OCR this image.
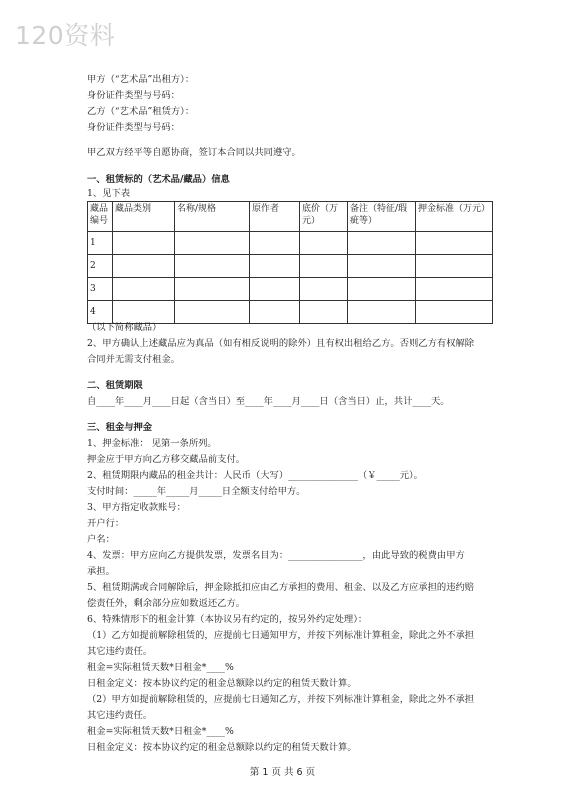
120资料
甲方（“艺术品”出租方）：
身份证件类型与号码：
乙方（“艺术品”租赁方）：
身份证件类型与号码：
甲乙双方经平等自愿协商，签订本合同以共同遵守。
一、租赁标的（艺术品/藏品）信息
1、见下表
藏品编号	藏品类别	名称/规格	原作者	底价（万元）	备注（特征/瑕疵等）	押金标准（万元）
1						
2						
3						
4						
（以下简称藏品）
2、甲方确认上述藏品应为真品（如有相反说明的除外）且有权出租给乙方。否则乙方有权解除
合同并无需支付租金。
二、租赁期限
自____年____月____日起（含当日）至____年____月____日（含当日）止，共计____天。
三、租金与押金
1、押金标准： 见第一条所列。
押金应于甲方向乙方移交藏品前支付。
2、租赁期限内藏品的租金共计：人民币（大写）_______________（￥_____元）。
支付时间：_____年_____月_____日全额支付给甲方。
3、甲方指定收款账号：
开户行：
户名：
4、发票：甲方应向乙方提供发票，发票名目为：________________，由此导致的税费由甲方
承担。
5、租赁期满或合同解除后，押金除抵扣应由乙方承担的费用、租金、以及乙方应承担的违约赔
偿责任外，剩余部分应如数返还乙方。
6、特殊情形下的租金计算（本协议另有约定的，按另外约定处理）：
（1）乙方如提前解除租赁的，应提前七日通知甲方，并按下列标准计算租金，除此之外不承担
其它违约责任。
租金=实际租赁天数*日租金*____%
日租金定义：按本协议约定的租金总额除以约定的租赁天数计算。
（2）甲方如提前解除租赁的，应提前七日通知乙方，并按下列标准计算租金，除此之外不承担
其它违约责任。
租金=实际租赁天数*日租金*____%
日租金定义：按本协议约定的租金总额除以约定的租赁天数计算。
第 1 页 共 6 页
